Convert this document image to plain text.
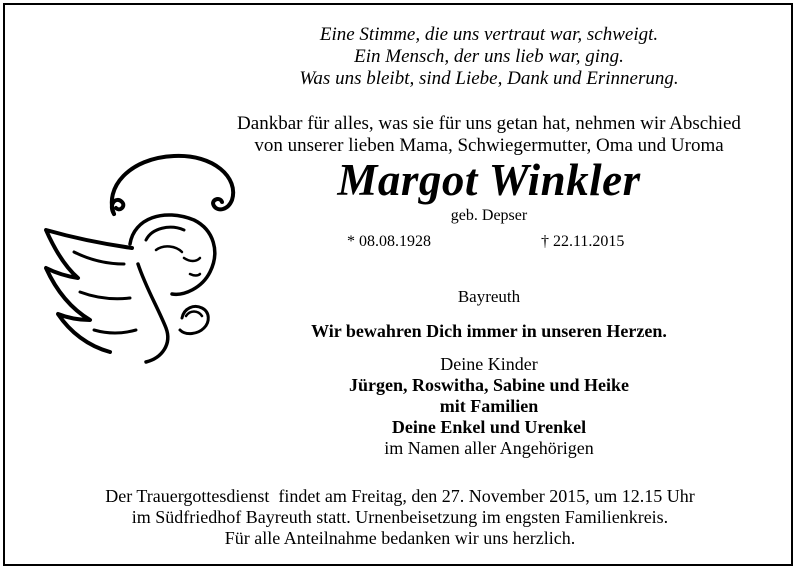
Eine Stimme, die uns vertraut war, schweigt.
Ein Mensch, der uns lieb war, ging.
Was uns bleibt, sind Liebe, Dank und Erinnerung.
Dankbar für alles, was sie für uns getan hat, nehmen wir Abschied
von unserer lieben Mama, Schwiegermutter, Oma und Uroma
Margot Winkler
geb. Depser
* 08.08.1928	† 22.11.2015
Bayreuth
Wir bewahren Dich immer in unseren Herzen.
Deine Kinder
Jürgen, Roswitha, Sabine und Heike
mit Familien
Deine Enkel und Urenkel
im Namen aller Angehörigen
Der Trauergottesdienst  findet am Freitag, den 27. November 2015, um 12.15 Uhr
im Südfriedhof Bayreuth statt. Urnenbeisetzung im engsten Familienkreis.
Für alle Anteilnahme bedanken wir uns herzlich.
